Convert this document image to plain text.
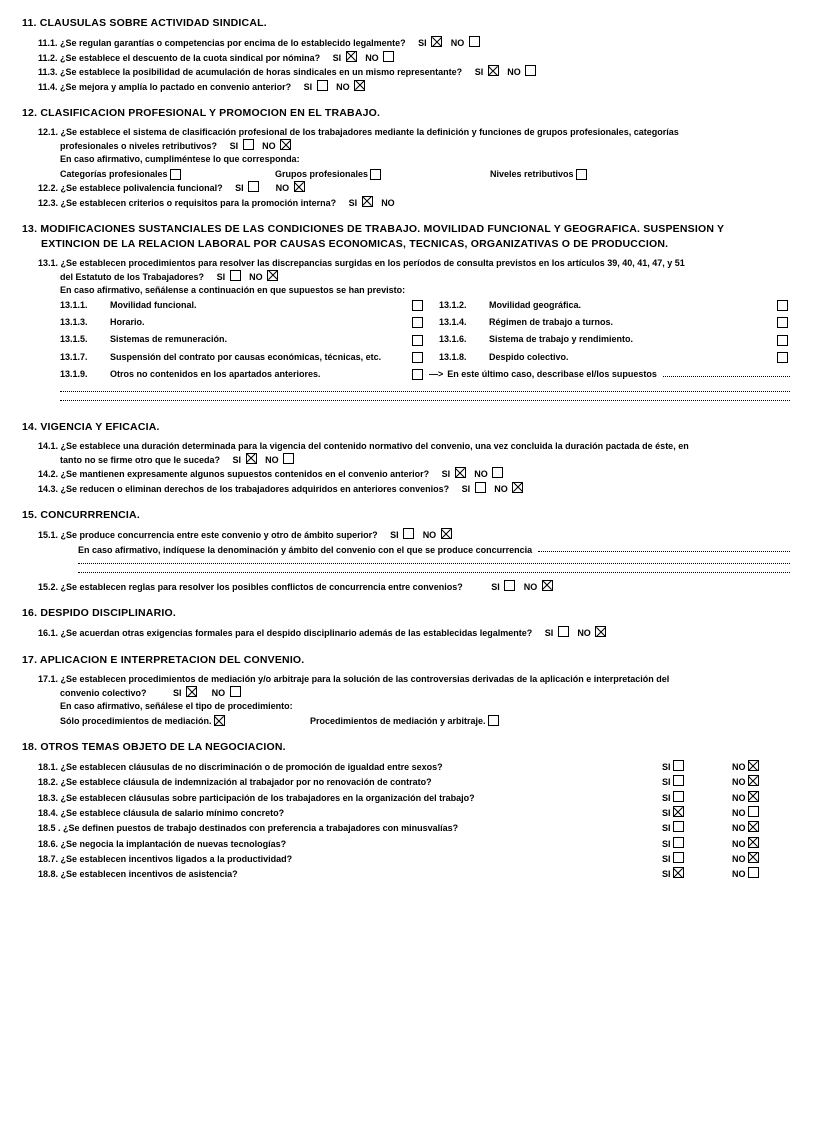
11. CLAUSULAS SOBRE ACTIVIDAD SINDICAL.
11.1. ¿Se regulan garantías o competencias por encima de lo establecido legalmente? SI	NO
11.2. ¿Se establece el descuento de la cuota sindical por nómina? SI	NO
11.3. ¿Se establece la posibilidad de acumulación de horas sindicales en un mismo representante? SI	NO
11.4. ¿Se mejora y amplía lo pactado en convenio anterior? SI	NO
12. CLASIFICACION PROFESIONAL Y PROMOCION EN EL TRABAJO.
12.1. ¿Se establece el sistema de clasificación profesional de los trabajadores mediante la definición y funciones de grupos profesionales, categorías
profesionales o niveles retributivos? SI	NO
En caso afirmativo, cumpliméntese lo que corresponda:
Categorías profesionales	Grupos profesionales	Niveles retributivos
12.2. ¿Se establece polivalencia funcional? SI	NO
12.3. ¿Se establecen criterios o requisitos para la promoción interna? SI	NO
13. MODIFICACIONES SUSTANCIALES DE LAS CONDICIONES DE TRABAJO. MOVILIDAD FUNCIONAL Y GEOGRAFICA. SUSPENSION Y
EXTINCION DE LA RELACION LABORAL POR CAUSAS ECONOMICAS, TECNICAS, ORGANIZATIVAS O DE PRODUCCION.
13.1. ¿Se establecen procedimientos para resolver las discrepancias surgidas en los períodos de consulta previstos en los artículos 39, 40, 41, 47, y 51
del Estatuto de los Trabajadores? SI	NO
En caso afirmativo, señálense a continuación en que supuestos se han previsto:
13.1.1.	Movilidad funcional.	13.1.2.	Movilidad geográfica.
13.1.3.	Horario.	13.1.4.	Régimen de trabajo a turnos.
13.1.5.	Sistemas de remuneración.	13.1.6.	Sistema de trabajo y rendimiento.
13.1.7.	Suspensión del contrato por causas económicas, técnicas, etc.	13.1.8.	Despido colectivo.
13.1.9.	Otros no contenidos en los apartados anteriores.	—> En este último caso, describase el/los supuestos
14. VIGENCIA Y EFICACIA.
14.1. ¿Se establece una duración determinada para la vigencia del contenido normativo del convenio, una vez concluida la duración pactada de éste, en
tanto no se firme otro que le suceda? SI	NO
14.2. ¿Se mantienen expresamente algunos supuestos contenidos en el convenio anterior? SI	NO
14.3. ¿Se reducen o eliminan derechos de los trabajadores adquiridos en anteriores convenios? SI	NO
15. CONCURRRENCIA.
15.1. ¿Se produce concurrencia entre este convenio y otro de ámbito superior? SI	NO
En caso afirmativo, indíquese la denominación y ámbito del convenio con el que se produce concurrencia
15.2. ¿Se establecen reglas para resolver los posibles conflictos de concurrencia entre convenios?	SI	NO
16. DESPIDO DISCIPLINARIO.
16.1. ¿Se acuerdan otras exigencias formales para el despido disciplinario además de las establecidas legalmente? SI	NO
17. APLICACION E INTERPRETACION DEL CONVENIO.
17.1. ¿Se establecen procedimientos de mediación y/o arbitraje para la solución de las controversias derivadas de la aplicación e interpretación del
convenio colectivo?	SI	NO
En caso afirmativo, señálese el tipo de procedimiento:
Sólo procedimientos de mediación.	Procedimientos de mediación y arbitraje.
18. OTROS TEMAS OBJETO DE LA NEGOCIACION.
18.1. ¿Se establecen cláusulas de no discriminación o de promoción de igualdad entre sexos?	SI	NO
18.2. ¿Se establece cláusula de indemnización al trabajador por no renovación de contrato?	SI	NO
18.3. ¿Se establecen cláusulas sobre participación de los trabajadores en la organización del trabajo?	SI	NO
18.4. ¿Se establece cláusula de salario mínimo concreto?	SI	NO
18.5 . ¿Se definen puestos de trabajo destinados con preferencia a trabajadores con minusvalías?	SI	NO
18.6. ¿Se negocia la implantación de nuevas tecnologías?	SI	NO
18.7. ¿Se establecen incentivos ligados a la productividad?	SI	NO
18.8. ¿Se establecen incentivos de asistencia?	SI	NO
